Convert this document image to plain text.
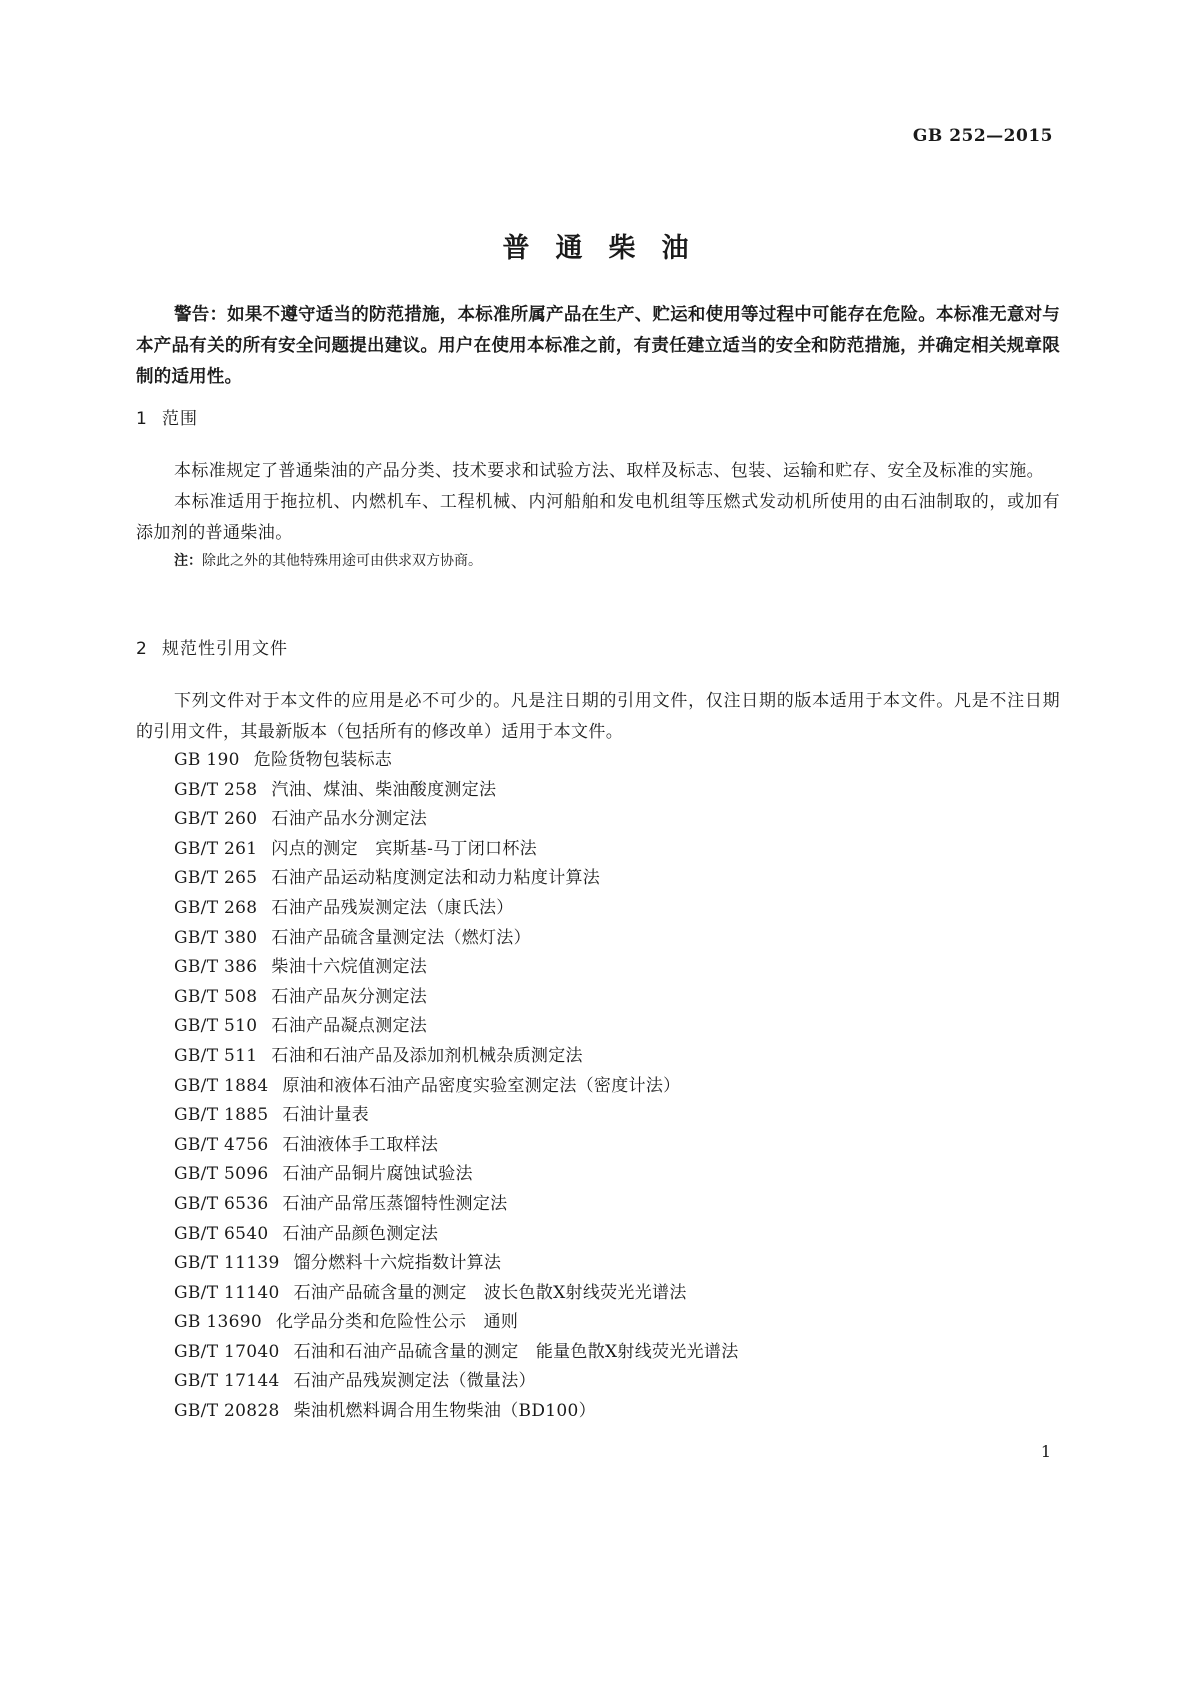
GB 252—2015
普通柴油
警告：如果不遵守适当的防范措施，本标准所属产品在生产、贮运和使用等过程中可能存在危险。本标准无意对与本产品有关的所有安全问题提出建议。用户在使用本标准之前，有责任建立适当的安全和防范措施，并确定相关规章限制的适用性。
1 范围

本标准规定了普通柴油的产品分类、技术要求和试验方法、取样及标志、包装、运输和贮存、安全及标准的实施。

本标准适用于拖拉机、内燃机车、工程机械、内河船舶和发电机组等压燃式发动机所使用的由石油制取的，或加有添加剂的普通柴油。

注：除此之外的其他特殊用途可由供求双方协商。

2 规范性引用文件

下列文件对于本文件的应用是必不可少的。凡是注日期的引用文件，仅注日期的版本适用于本文件。凡是不注日期的引用文件，其最新版本（包括所有的修改单）适用于本文件。

GB 190 危险货物包装标志
GB/T 258 汽油、煤油、柴油酸度测定法
GB/T 260 石油产品水分测定法
GB/T 261 闪点的测定　宾斯基-马丁闭口杯法
GB/T 265 石油产品运动粘度测定法和动力粘度计算法
GB/T 268 石油产品残炭测定法（康氏法）
GB/T 380 石油产品硫含量测定法（燃灯法）
GB/T 386 柴油十六烷值测定法
GB/T 508 石油产品灰分测定法
GB/T 510 石油产品凝点测定法
GB/T 511 石油和石油产品及添加剂机械杂质测定法
GB/T 1884 原油和液体石油产品密度实验室测定法（密度计法）
GB/T 1885 石油计量表
GB/T 4756 石油液体手工取样法
GB/T 5096 石油产品铜片腐蚀试验法
GB/T 6536 石油产品常压蒸馏特性测定法
GB/T 6540 石油产品颜色测定法
GB/T 11139 馏分燃料十六烷指数计算法
GB/T 11140 石油产品硫含量的测定　波长色散X射线荧光光谱法
GB 13690 化学品分类和危险性公示　通则
GB/T 17040 石油和石油产品硫含量的测定　能量色散X射线荧光光谱法
GB/T 17144 石油产品残炭测定法（微量法）
GB/T 20828 柴油机燃料调合用生物柴油（BD100）
1
